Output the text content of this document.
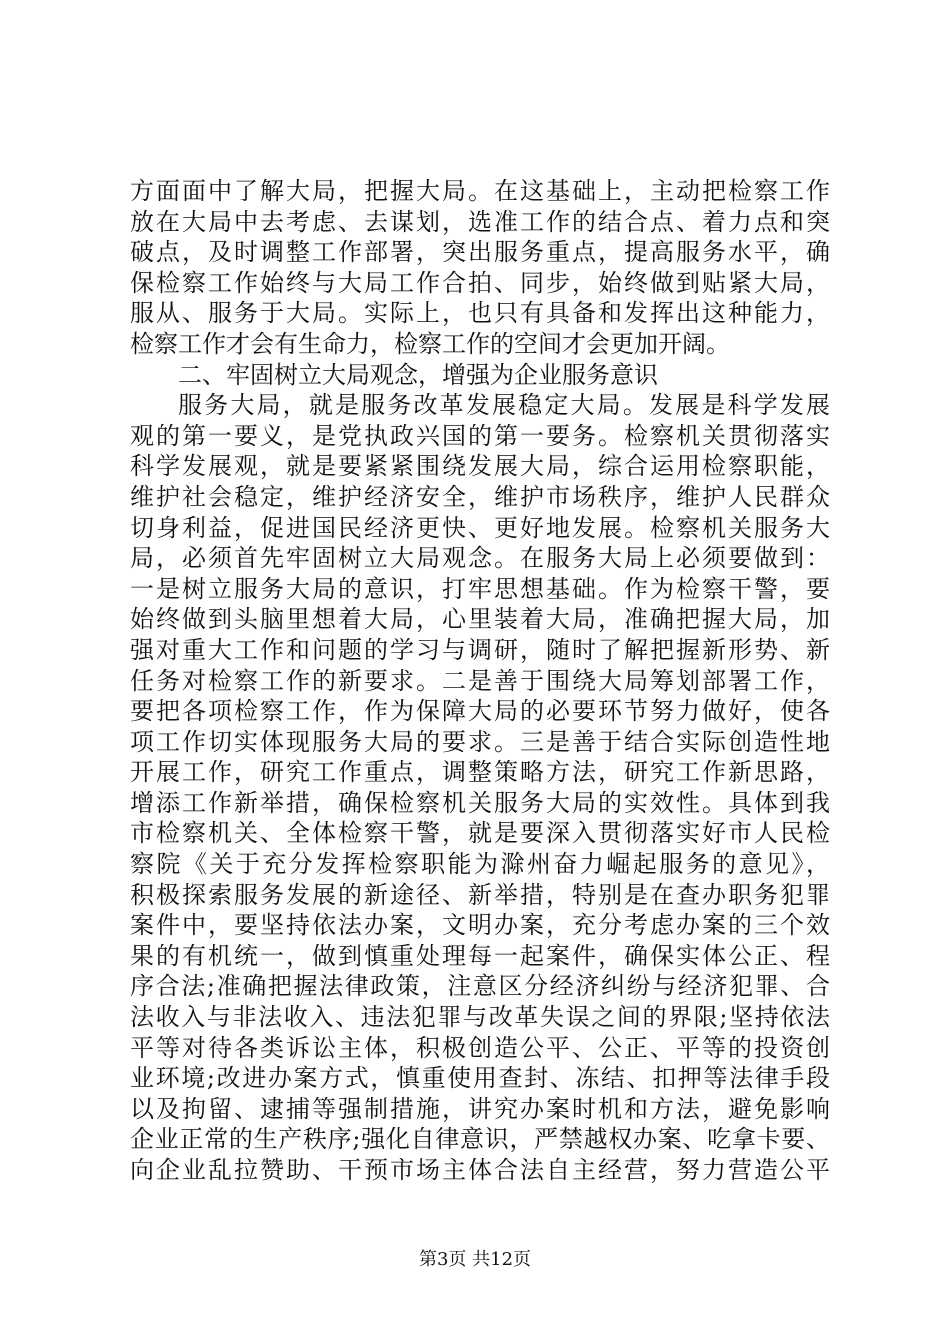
方面面中了解大局，把握大局。在这基础上，主动把检察工作
放在大局中去考虑、去谋划，选准工作的结合点、着力点和突
破点，及时调整工作部署，突出服务重点，提高服务水平，确
保检察工作始终与大局工作合拍、同步，始终做到贴紧大局，
服从、服务于大局。实际上，也只有具备和发挥出这种能力，
检察工作才会有生命力，检察工作的空间才会更加开阔。
二、牢固树立大局观念，增强为企业服务意识
服务大局，就是服务改革发展稳定大局。发展是科学发展
观的第一要义，是党执政兴国的第一要务。检察机关贯彻落实
科学发展观，就是要紧紧围绕发展大局，综合运用检察职能，
维护社会稳定，维护经济安全，维护市场秩序，维护人民群众
切身利益，促进国民经济更快、更好地发展。检察机关服务大
局，必须首先牢固树立大局观念。在服务大局上必须要做到：
一是树立服务大局的意识，打牢思想基础。作为检察干警，要
始终做到头脑里想着大局，心里装着大局，准确把握大局，加
强对重大工作和问题的学习与调研，随时了解把握新形势、新
任务对检察工作的新要求。二是善于围绕大局筹划部署工作，
要把各项检察工作，作为保障大局的必要环节努力做好，使各
项工作切实体现服务大局的要求。三是善于结合实际创造性地
开展工作，研究工作重点，调整策略方法，研究工作新思路，
增添工作新举措，确保检察机关服务大局的实效性。具体到我
市检察机关、全体检察干警，就是要深入贯彻落实好市人民检
察院《关于充分发挥检察职能为滁州奋力崛起服务的意见》，
积极探索服务发展的新途径、新举措，特别是在查办职务犯罪
案件中，要坚持依法办案，文明办案，充分考虑办案的三个效
果的有机统一，做到慎重处理每一起案件，确保实体公正、程
序合法;准确把握法律政策，注意区分经济纠纷与经济犯罪、合
法收入与非法收入、违法犯罪与改革失误之间的界限;坚持依法
平等对待各类诉讼主体，积极创造公平、公正、平等的投资创
业环境;改进办案方式，慎重使用查封、冻结、扣押等法律手段
以及拘留、逮捕等强制措施，讲究办案时机和方法，避免影响
企业正常的生产秩序;强化自律意识，严禁越权办案、吃拿卡要、
向企业乱拉赞助、干预市场主体合法自主经营，努力营造公平
第3页 共12页
